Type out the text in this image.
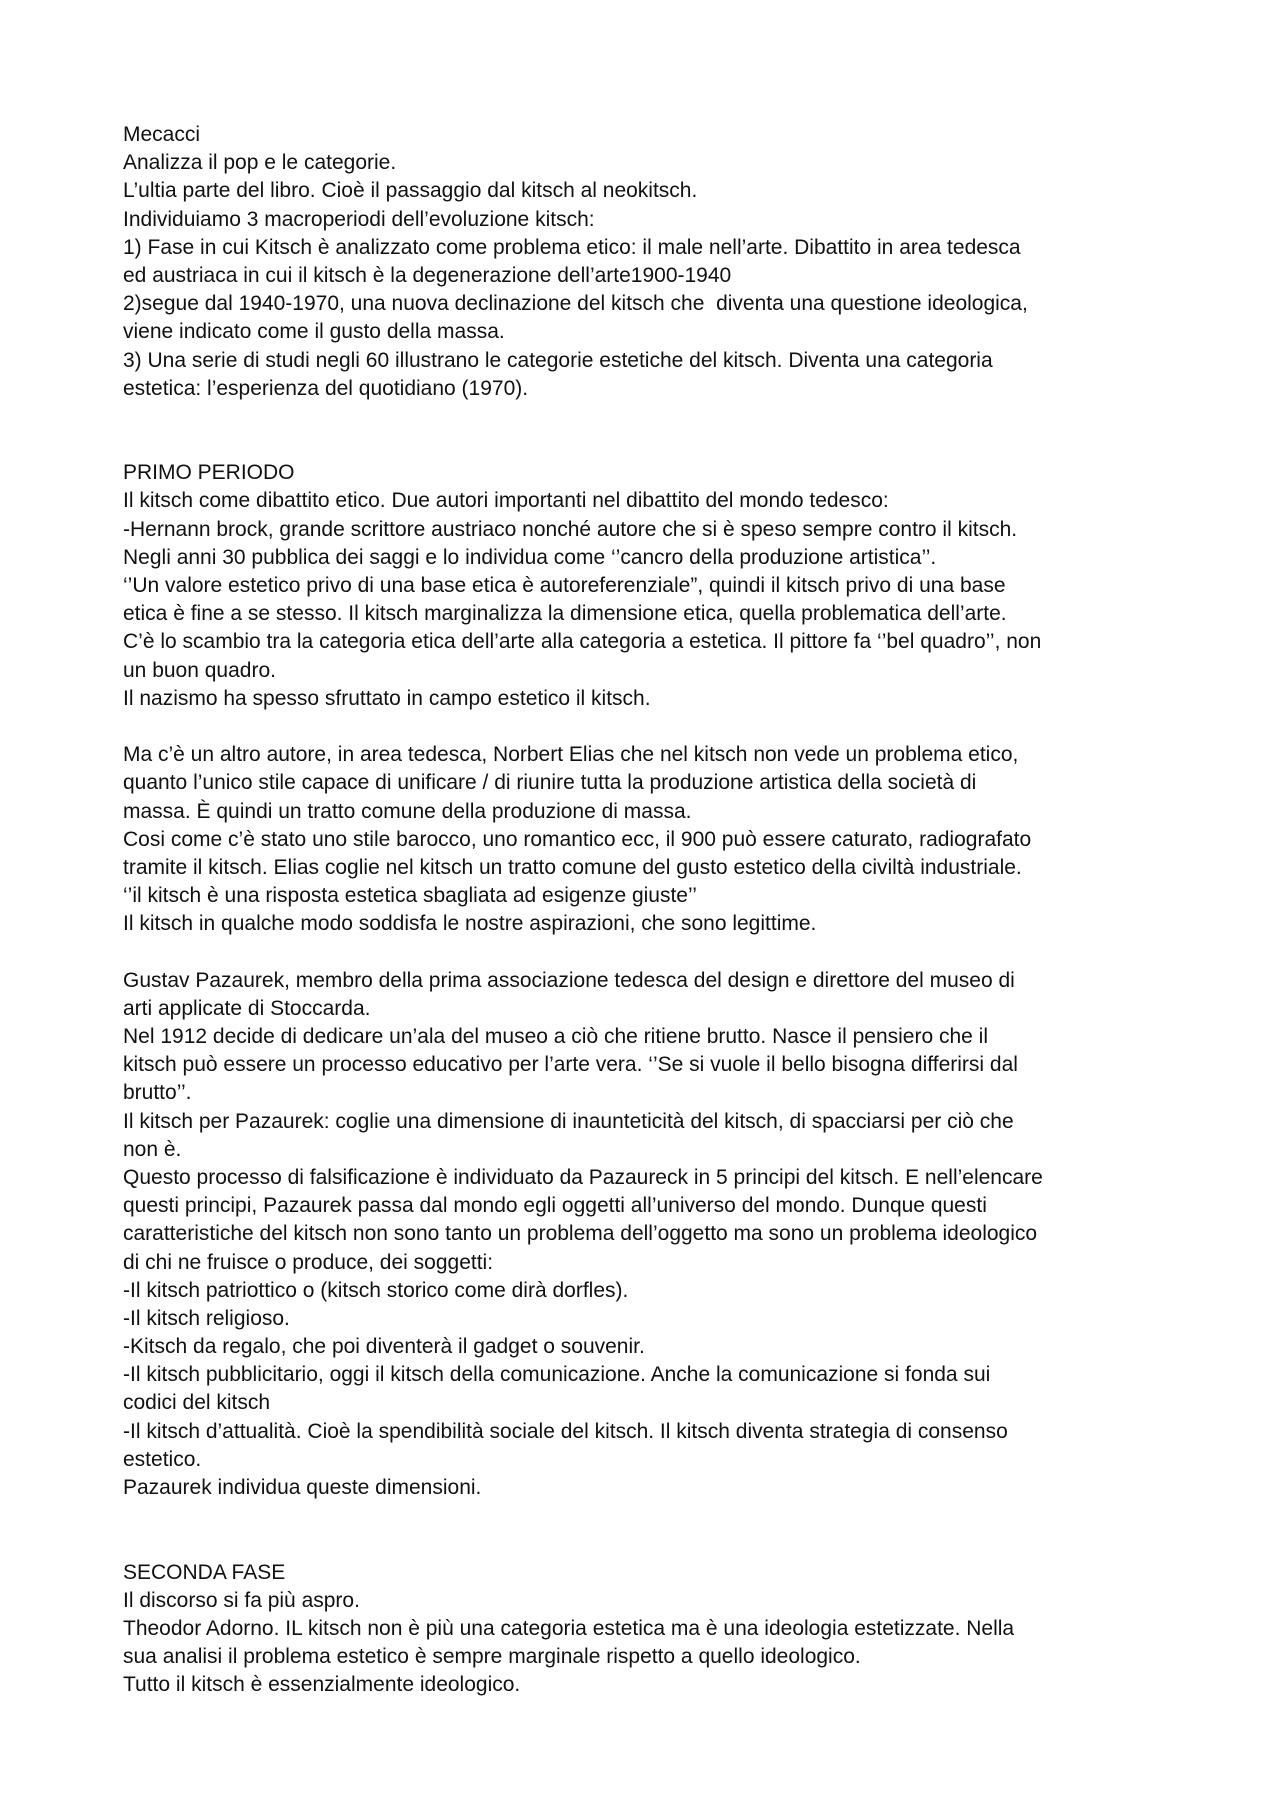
Mecacci
Analizza il pop e le categorie.
L’ultia parte del libro. Cioè il passaggio dal kitsch al neokitsch.
Individuiamo 3 macroperiodi dell’evoluzione kitsch:
1) Fase in cui Kitsch è analizzato come problema etico: il male nell’arte. Dibattito in area tedesca
ed austriaca in cui il kitsch è la degenerazione dell’arte1900-1940
2)segue dal 1940-1970, una nuova declinazione del kitsch che  diventa una questione ideologica,
viene indicato come il gusto della massa.
3) Una serie di studi negli 60 illustrano le categorie estetiche del kitsch. Diventa una categoria
estetica: l’esperienza del quotidiano (1970).
PRIMO PERIODO
Il kitsch come dibattito etico. Due autori importanti nel dibattito del mondo tedesco:
-Hernann brock, grande scrittore austriaco nonché autore che si è speso sempre contro il kitsch.
Negli anni 30 pubblica dei saggi e lo individua come ‘’cancro della produzione artistica’’.
‘’Un valore estetico privo di una base etica è autoreferenziale”, quindi il kitsch privo di una base
etica è fine a se stesso. Il kitsch marginalizza la dimensione etica, quella problematica dell’arte.
C’è lo scambio tra la categoria etica dell’arte alla categoria a estetica. Il pittore fa ‘’bel quadro’’, non
un buon quadro.
Il nazismo ha spesso sfruttato in campo estetico il kitsch.
Ma c’è un altro autore, in area tedesca, Norbert Elias che nel kitsch non vede un problema etico,
quanto l’unico stile capace di unificare / di riunire tutta la produzione artistica della società di
massa. È quindi un tratto comune della produzione di massa.
Cosi come c’è stato uno stile barocco, uno romantico ecc, il 900 può essere caturato, radiografato
tramite il kitsch. Elias coglie nel kitsch un tratto comune del gusto estetico della civiltà industriale.
‘’il kitsch è una risposta estetica sbagliata ad esigenze giuste’’
Il kitsch in qualche modo soddisfa le nostre aspirazioni, che sono legittime.
Gustav Pazaurek, membro della prima associazione tedesca del design e direttore del museo di
arti applicate di Stoccarda.
Nel 1912 decide di dedicare un’ala del museo a ciò che ritiene brutto. Nasce il pensiero che il
kitsch può essere un processo educativo per l’arte vera. ‘’Se si vuole il bello bisogna differirsi dal
brutto’’.
Il kitsch per Pazaurek: coglie una dimensione di inaunteticità del kitsch, di spacciarsi per ciò che
non è.
Questo processo di falsificazione è individuato da Pazaureck in 5 principi del kitsch. E nell’elencare
questi principi, Pazaurek passa dal mondo egli oggetti all’universo del mondo. Dunque questi
caratteristiche del kitsch non sono tanto un problema dell’oggetto ma sono un problema ideologico
di chi ne fruisce o produce, dei soggetti:
-Il kitsch patriottico o (kitsch storico come dirà dorfles).
-Il kitsch religioso.
-Kitsch da regalo, che poi diventerà il gadget o souvenir.
-Il kitsch pubblicitario, oggi il kitsch della comunicazione. Anche la comunicazione si fonda sui
codici del kitsch
-Il kitsch d’attualità. Cioè la spendibilità sociale del kitsch. Il kitsch diventa strategia di consenso
estetico.
Pazaurek individua queste dimensioni.
SECONDA FASE
Il discorso si fa più aspro.
Theodor Adorno. IL kitsch non è più una categoria estetica ma è una ideologia estetizzate. Nella
sua analisi il problema estetico è sempre marginale rispetto a quello ideologico.
Tutto il kitsch è essenzialmente ideologico.
